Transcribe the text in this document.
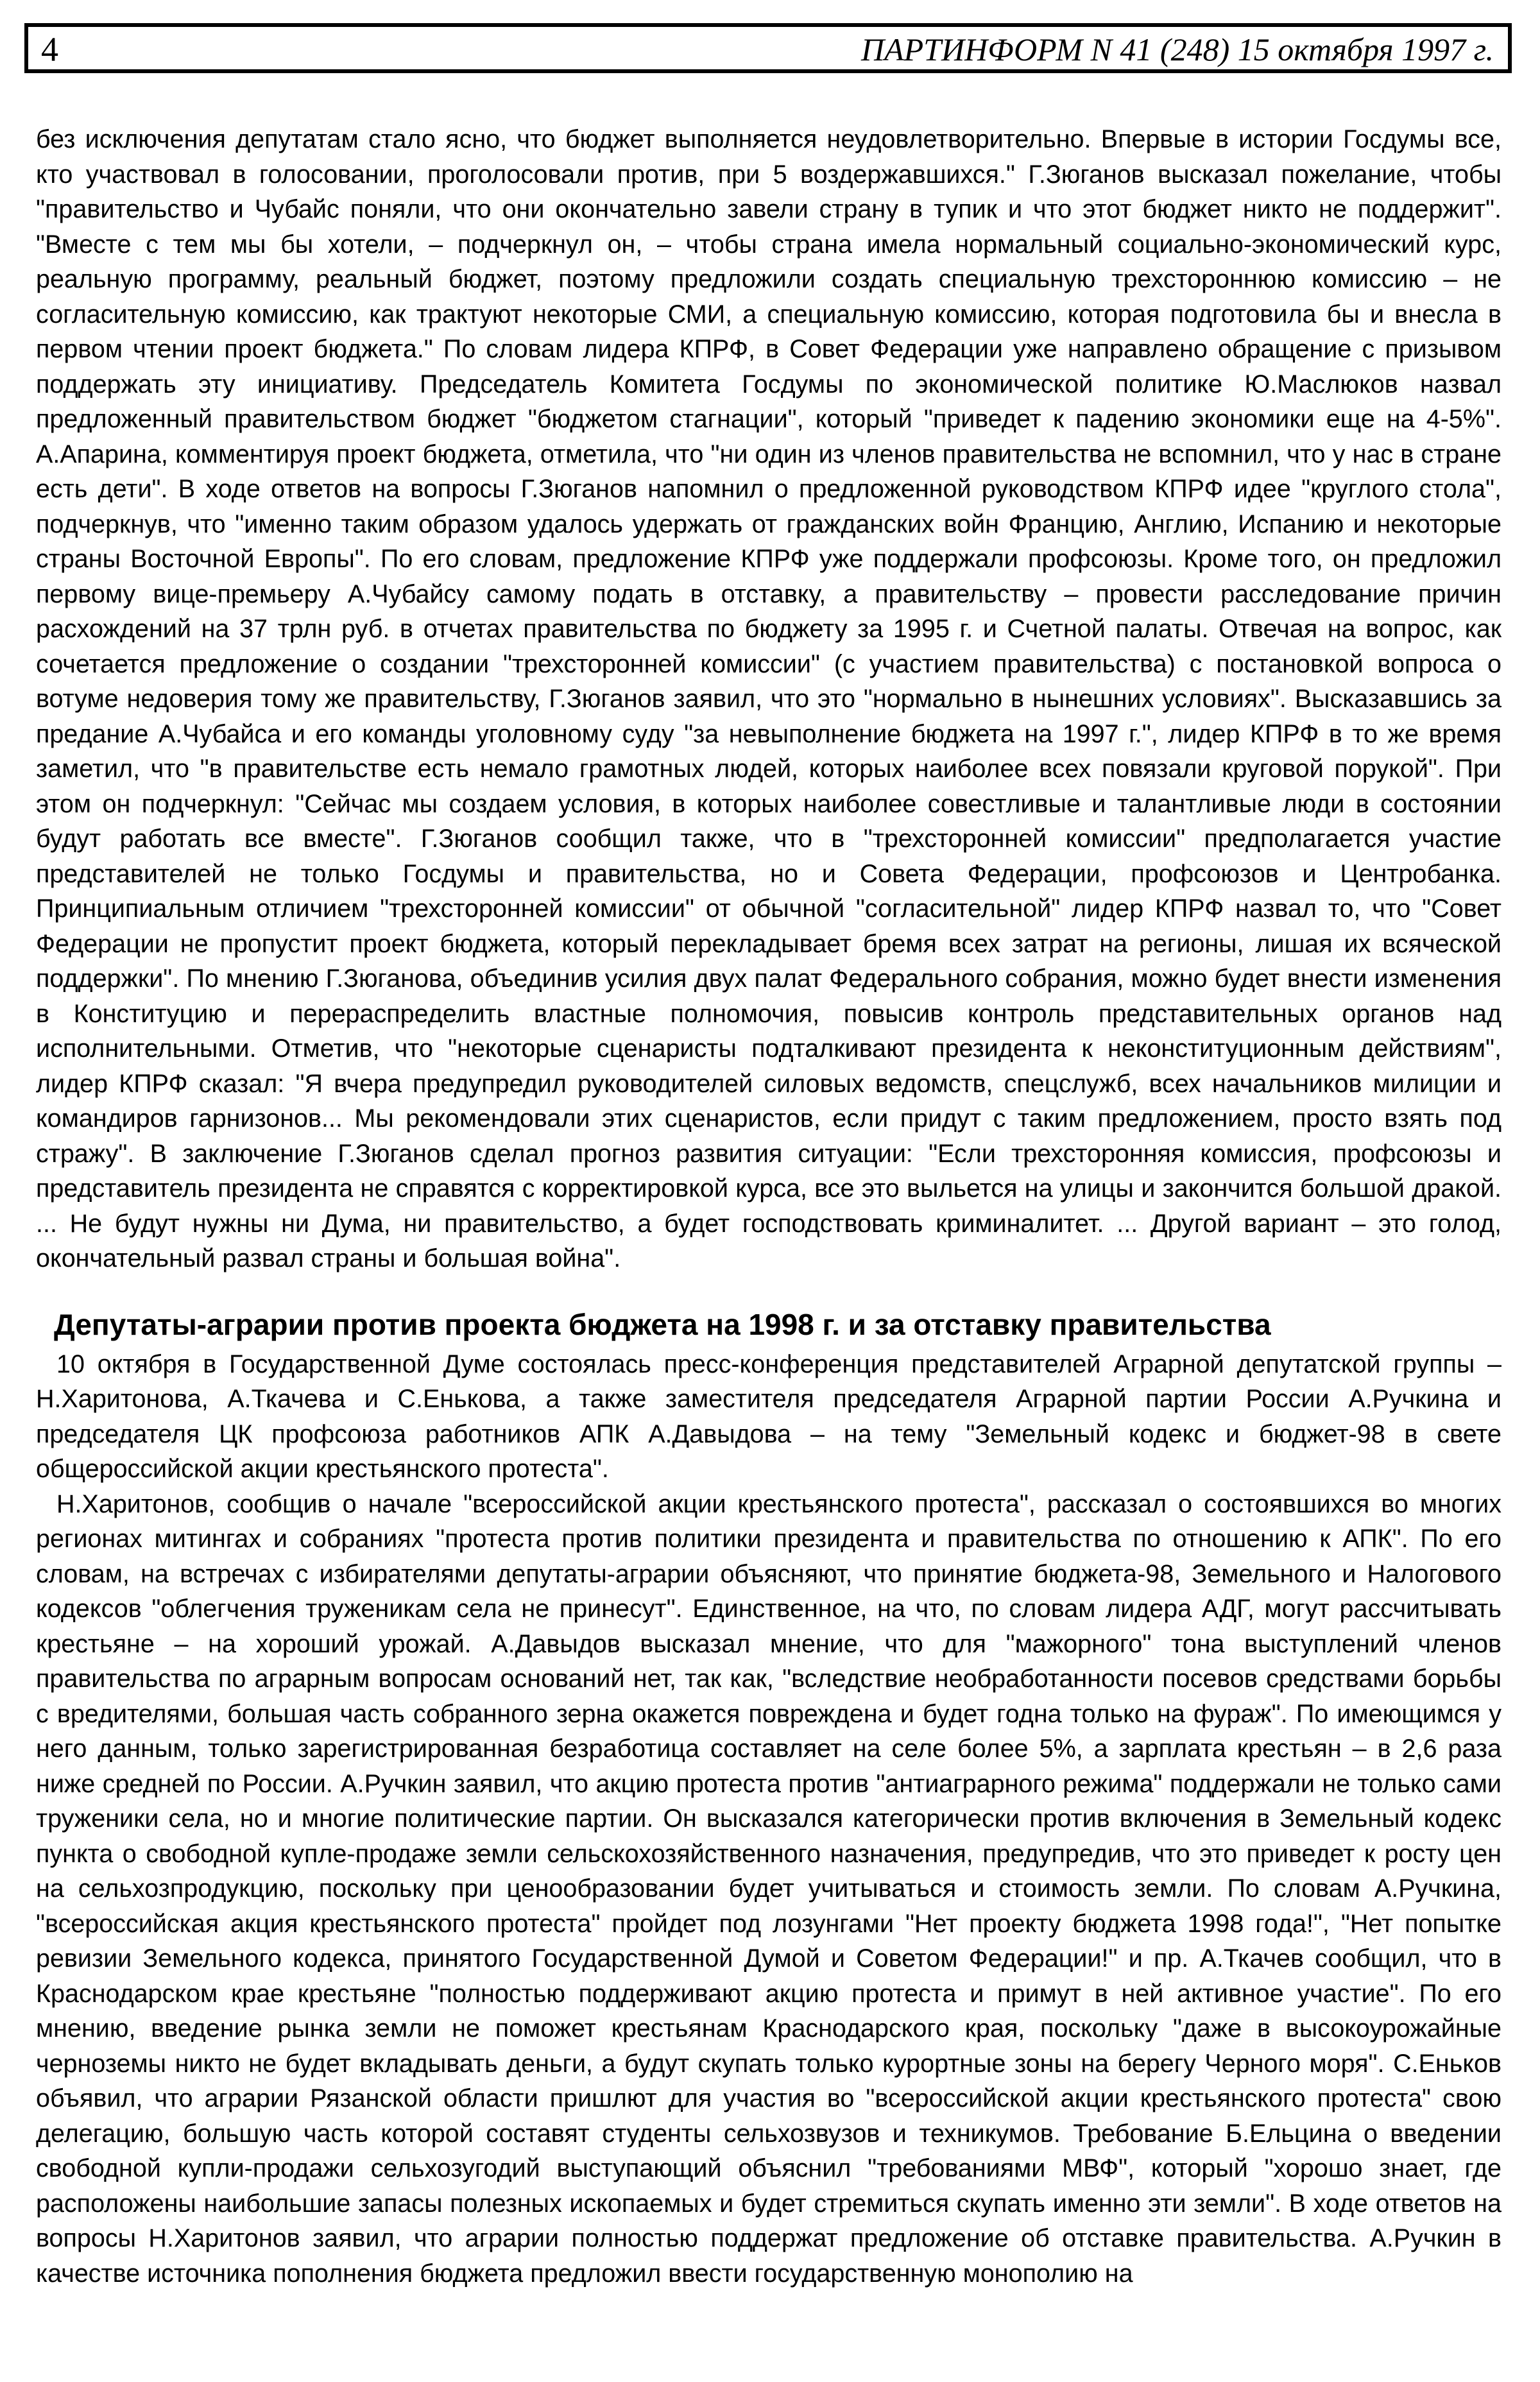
4	ПАРТИНФОРМ N 41 (248) 15 октября 1997 г.

без исключения депутатам стало ясно, что бюджет выполняется неудовлетворительно. Впервые в истории Госдумы все, кто участвовал в голосовании, проголосовали против, при 5 воздержавшихся." Г.Зюганов высказал пожелание, чтобы "правительство и Чубайс поняли, что они окончательно завели страну в тупик и что этот бюджет никто не поддержит". "Вместе с тем мы бы хотели, – подчеркнул он, – чтобы страна имела нормальный социально-экономический курс, реальную программу, реальный бюджет, поэтому предложили создать специальную трехстороннюю комиссию – не согласительную комиссию, как трактуют некоторые СМИ, а специальную комиссию, которая подготовила бы и внесла в первом чтении проект бюджета." По словам лидера КПРФ, в Совет Федерации уже направлено обращение с призывом поддержать эту инициативу. Председатель Комитета Госдумы по экономической политике Ю.Маслюков назвал предложенный правительством бюджет "бюджетом стагнации", который "приведет к падению экономики еще на 4-5%". А.Апарина, комментируя проект бюджета, отметила, что "ни один из членов правительства не вспомнил, что у нас в стране есть дети". В ходе ответов на вопросы Г.Зюганов напомнил о предложенной руководством КПРФ идее "круглого стола", подчеркнув, что "именно таким образом удалось удержать от гражданских войн Францию, Англию, Испанию и некоторые страны Восточной Европы". По его словам, предложение КПРФ уже поддержали профсоюзы. Кроме того, он предложил первому вице-премьеру А.Чубайсу самому подать в отставку, а правительству – провести расследование причин расхождений на 37 трлн руб. в отчетах правительства по бюджету за 1995 г. и Счетной палаты. Отвечая на вопрос, как сочетается предложение о создании "трехсторонней комиссии" (с участием правительства) с постановкой вопроса о вотуме недоверия тому же правительству, Г.Зюганов заявил, что это "нормально в нынешних условиях". Высказавшись за предание А.Чубайса и его команды уголовному суду "за невыполнение бюджета на 1997 г.", лидер КПРФ в то же время заметил, что "в правительстве есть немало грамотных людей, которых наиболее всех повязали круговой порукой". При этом он подчеркнул: "Сейчас мы создаем условия, в которых наиболее совестливые и талантливые люди в состоянии будут работать все вместе". Г.Зюганов сообщил также, что в "трехсторонней комиссии" предполагается участие представителей не только Госдумы и правительства, но и Совета Федерации, профсоюзов и Центробанка. Принципиальным отличием "трехсторонней комиссии" от обычной "согласительной" лидер КПРФ назвал то, что "Совет Федерации не пропустит проект бюджета, который перекладывает бремя всех затрат на регионы, лишая их всяческой поддержки". По мнению Г.Зюганова, объединив усилия двух палат Федерального собрания, можно будет внести изменения в Конституцию и перераспределить властные полномочия, повысив контроль представительных органов над исполнительными. Отметив, что "некоторые сценаристы подталкивают президента к неконституционным действиям", лидер КПРФ сказал: "Я вчера предупредил руководителей силовых ведомств, спецслужб, всех начальников милиции и командиров гарнизонов... Мы рекомендовали этих сценаристов, если придут с таким предложением, просто взять под стражу". В заключение Г.Зюганов сделал прогноз развития ситуации: "Если трехсторонняя комиссия, профсоюзы и представитель президента не справятся с корректировкой курса, все это выльется на улицы и закончится большой дракой. ... Не будут нужны ни Дума, ни правительство, а будет господствовать криминалитет. ... Другой вариант – это голод, окончательный развал страны и большая война".

Депутаты-аграрии против проекта бюджета на 1998 г. и за отставку правительства

10 октября в Государственной Думе состоялась пресс-конференция представителей Аграрной депутатской группы – Н.Харитонова, А.Ткачева и С.Енькова, а также заместителя председателя Аграрной партии России А.Ручкина и председателя ЦК профсоюза работников АПК А.Давыдова – на тему "Земельный кодекс и бюджет-98 в свете общероссийской акции крестьянского протеста".

Н.Харитонов, сообщив о начале "всероссийской акции крестьянского протеста", рассказал о состоявшихся во многих регионах митингах и собраниях "протеста против политики президента и правительства по отношению к АПК". По его словам, на встречах с избирателями депутаты-аграрии объясняют, что принятие бюджета-98, Земельного и Налогового кодексов "облегчения труженикам села не принесут". Единственное, на что, по словам лидера АДГ, могут рассчитывать крестьяне – на хороший урожай. А.Давыдов высказал мнение, что для "мажорного" тона выступлений членов правительства по аграрным вопросам оснований нет, так как, "вследствие необработанности посевов средствами борьбы с вредителями, большая часть собранного зерна окажется повреждена и будет годна только на фураж". По имеющимся у него данным, только зарегистрированная безработица составляет на селе более 5%, а зарплата крестьян – в 2,6 раза ниже средней по России. А.Ручкин заявил, что акцию протеста против "антиаграрного режима" поддержали не только сами труженики села, но и многие политические партии. Он высказался категорически против включения в Земельный кодекс пункта о свободной купле-продаже земли сельскохозяйственного назначения, предупредив, что это приведет к росту цен на сельхозпродукцию, поскольку при ценообразовании будет учитываться и стоимость земли. По словам А.Ручкина, "всероссийская акция крестьянского протеста" пройдет под лозунгами "Нет проекту бюджета 1998 года!", "Нет попытке ревизии Земельного кодекса, принятого Государственной Думой и Советом Федерации!" и пр. А.Ткачев сообщил, что в Краснодарском крае крестьяне "полностью поддерживают акцию протеста и примут в ней активное участие". По его мнению, введение рынка земли не поможет крестьянам Краснодарского края, поскольку "даже в высокоурожайные черноземы никто не будет вкладывать деньги, а будут скупать только курортные зоны на берегу Черного моря". С.Еньков объявил, что аграрии Рязанской области пришлют для участия во "всероссийской акции крестьянского протеста" свою делегацию, большую часть которой составят студенты сельхозвузов и техникумов. Требование Б.Ельцина о введении свободной купли-продажи сельхозугодий выступающий объяснил "требованиями МВФ", который "хорошо знает, где расположены наибольшие запасы полезных ископаемых и будет стремиться скупать именно эти земли". В ходе ответов на вопросы Н.Харитонов заявил, что аграрии полностью поддержат предложение об отставке правительства. А.Ручкин в качестве источника пополнения бюджета предложил ввести государственную монополию на
